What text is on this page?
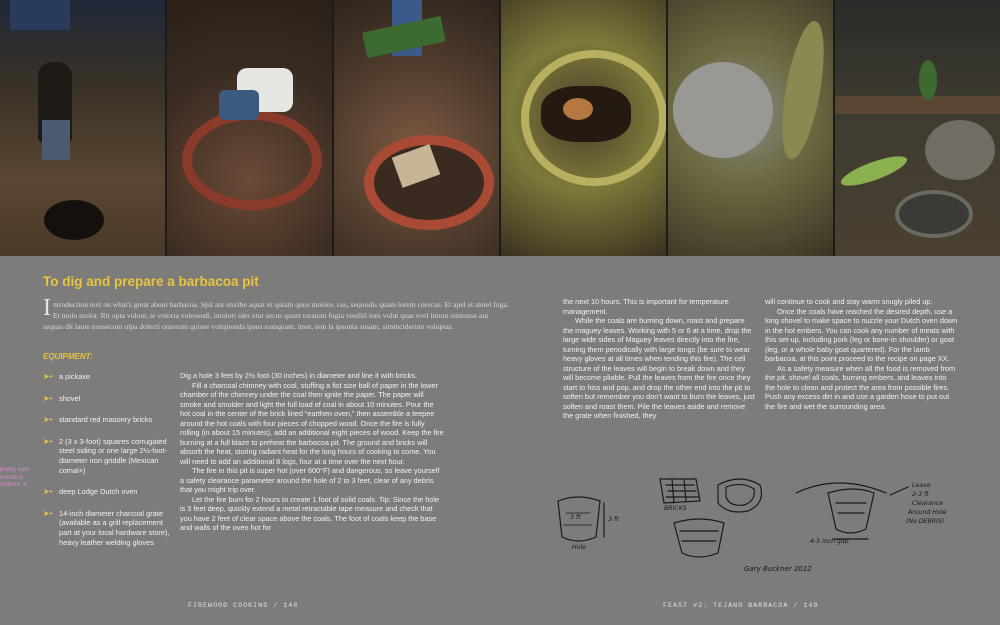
To dig and prepare a barbacoa pit

Introduction text on what's great about barbacoa. Spit aut sturibe aquat et quiam quos molore, cus, sequodis quam lorem corecae. Et apel et sterel fuga. Et molo molor. Rit opta volore, te voloria voleseudi, imolori ides etur secus quam toratom fugia venihil ium volut quas evel imum sinitonse aut sequas dit laute nonsecum ulpa dolecti onserum quisee volupienda ipsus sumquam, imet, iem la ipsunta susam, siminciderum voluptas.

EQUIPMENT:
➤• a pickaxe
➤• shovel
➤• standard red masonry bricks
➤• 2 (3 x 3-foot) squares corrugated steel siding or one large 2½-foot-diameter iron griddle (Mexican comal+)
➤• deep Lodge Dutch oven
➤• 14-inch diameter charcoal grate (available as a grill replacement part at your local hardware store), heavy leather welding gloves
pretty sure comal is without ‘a’

Dig a hole 3 feet by 2½ foot (30 inches) in diameter and line it with bricks.

Fill a charcoal chimney with coal, stuffing a fist size ball of paper in the lower chamber of the chimney under the coal then ignite the paper. The paper will smoke and smolder and light the full load of coal in about 10 minutes. Pour the hot coal in the center of the brick lined “earthen oven,” then assemble a teepee around the hot coals with four pieces of chopped wood. Once the fire is fully rolling (in about 15 minutes), add an additional eight pieces of wood. Keep the fire burning at a full blaze to preheat the barbacoa pit. The ground and bricks will absorb the heat, storing radiant heat for the long hours of cooking to come. You will need to add an additional 8 logs, four at a time over the next hour.

The fire in this pit is super hot (over 600°F) and dangerous, so leave yourself a safety clearance parameter around the hole of 2 to 3 feet, clear of any debris that you might trip over.

Let the fire burn for 2 hours to create 1 foot of solid coals. Tip: Since the hole is 3 feet deep, quickly extend a metal retractable tape measure and check that you have 2 feet of clear space above the coals. The foot of coals keep the base and walls of the oven hot for

the next 10 hours. This is important for temperature management.

While the coals are burning down, roast and prepare the maguey leaves. Working with 5 or 6 at a time, drop the large wide sides of Maguey leaves directly into the fire, turning them periodically with large tongs (be sure to wear heavy gloves at all times when tending this fire). The cell structure of the leaves will begin to break down and they will become pliable. Pull the leaves from the fire once they start to hiss and pop, and drop the other end into the pit to soften but remember you don’t want to burn the leaves, just soften and roast them. Pile the leaves aside and remove the grate when finished, they

will continue to cook and stay warm snugly piled up.

Once the coals have reached the desired depth, use a long shovel to make space to nuzzle your Dutch oven down in the hot embers. You can cook any number of meats with this set-up, including pork (leg or bone-in shoulder) or goat (leg, or a whole baby goat quartered). For the lamb barbacoa, at this point proceed to the recipe on page XX.

As a safety measure when all the food is removed from the pit, shovel all coals, burning embers, and leaves into the hole to clean and protect the area from possible fires. Push any excess dirt in and use a garden hose to put out the fire and wet the surrounding area.

3 ft	3 ft
Hole
BRICKS
4-5 inch gap
Leave
2-3 ft
Clearance
Around Hole
(No DEBRIS)
Gary Buckner 2012
FIREWOOD COOKING / 148	FEAST #2: TEJANO BARBACOA / 149
